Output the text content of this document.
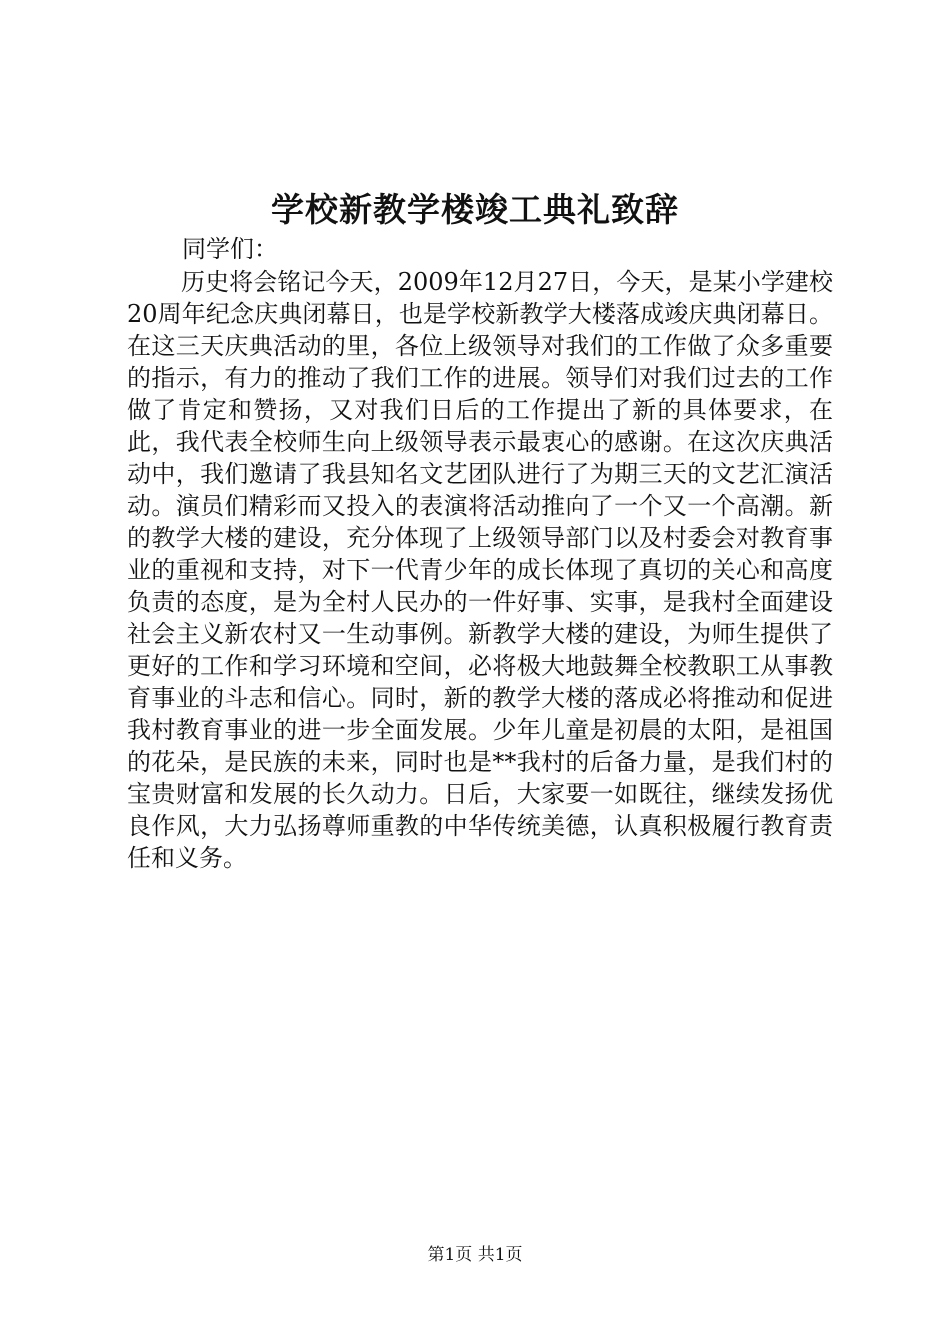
学校新教学楼竣工典礼致辞

同学们：

历史将会铭记今天，2009年12月27日，今天，是某小学建校20周年纪念庆典闭幕日，也是学校新教学大楼落成竣庆典闭幕日。在这三天庆典活动的里，各位上级领导对我们的工作做了众多重要的指示，有力的推动了我们工作的进展。领导们对我们过去的工作做了肯定和赞扬，又对我们日后的工作提出了新的具体要求，在此，我代表全校师生向上级领导表示最衷心的感谢。在这次庆典活动中，我们邀请了我县知名文艺团队进行了为期三天的文艺汇演活动。演员们精彩而又投入的表演将活动推向了一个又一个高潮。新的教学大楼的建设，充分体现了上级领导部门以及村委会对教育事业的重视和支持，对下一代青少年的成长体现了真切的关心和高度负责的态度，是为全村人民办的一件好事、实事，是我村全面建设社会主义新农村又一生动事例。新教学大楼的建设，为师生提供了更好的工作和学习环境和空间，必将极大地鼓舞全校教职工从事教育事业的斗志和信心。同时，新的教学大楼的落成必将推动和促进我村教育事业的进一步全面发展。少年儿童是初晨的太阳，是祖国的花朵，是民族的未来，同时也是**我村的后备力量，是我们村的宝贵财富和发展的长久动力。日后，大家要一如既往，继续发扬优良作风，大力弘扬尊师重教的中华传统美德，认真积极履行教育责任和义务。

第1页 共1页
